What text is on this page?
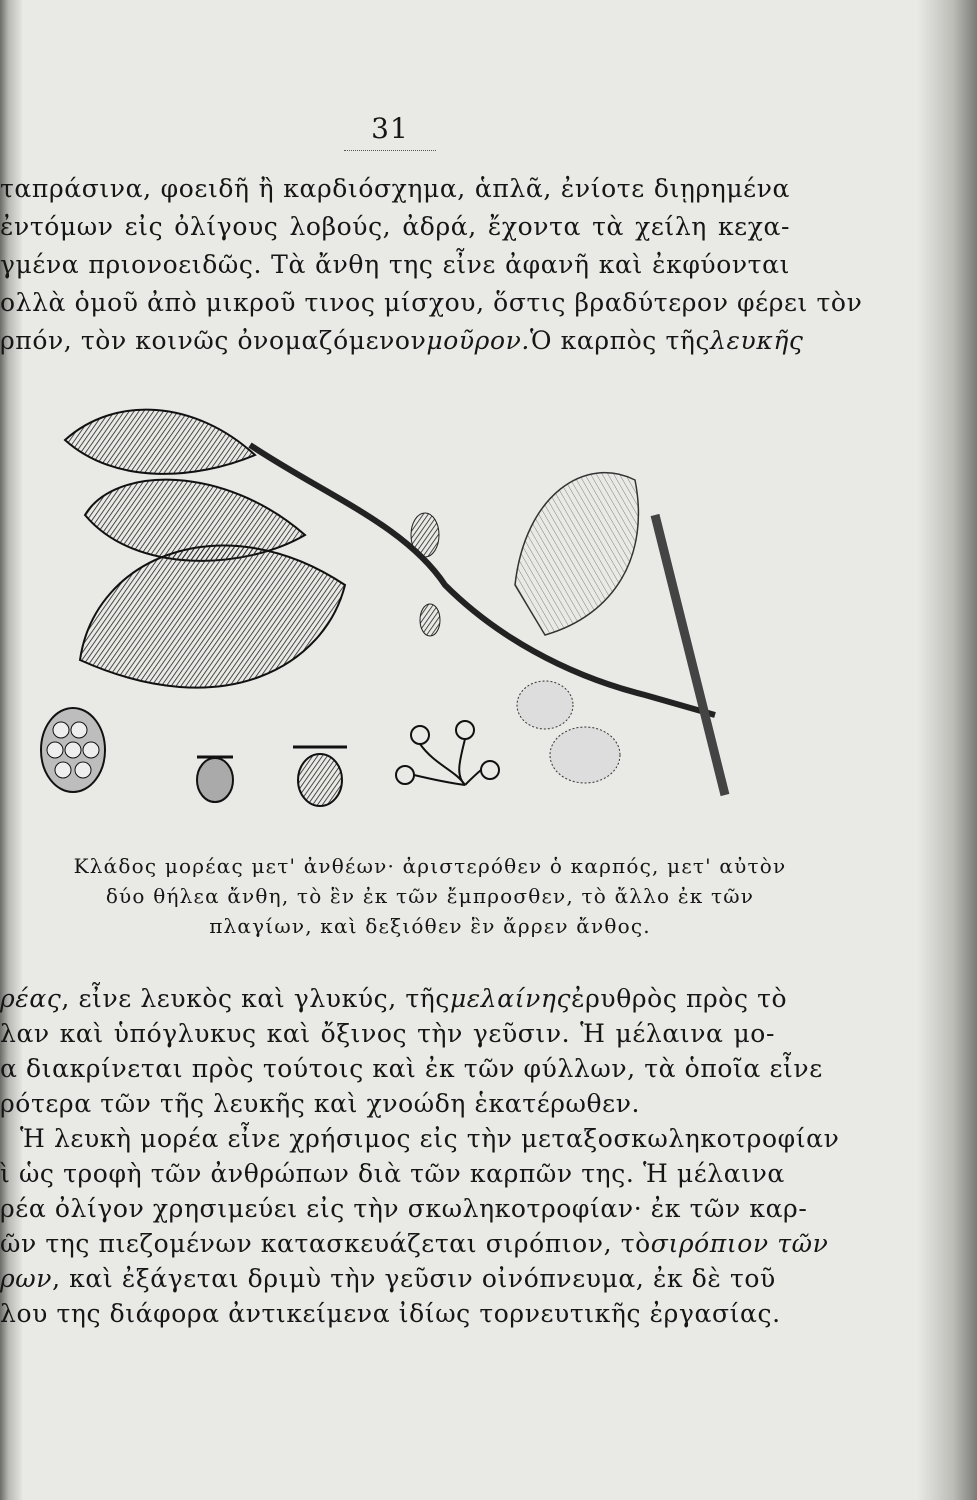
31
ταπράσινα, φοειδῆ ἢ καρδιόσχημα, ἁπλᾶ, ἐνίοτε διῃρημένα
ἐντόμων εἰς ὀλίγους λοβούς, ἀδρά, ἔχοντα τὰ χείλη κεχα-
γμένα πριονοειδῶς. Τὰ ἄνθη της εἶνε ἀφανῆ καὶ ἐκφύονται
ολλὰ ὁμοῦ ἀπὸ μικροῦ τινος μίσχου, ὅστις βραδύτερον φέρει τὸν
ρπόν, τὸν κοινῶς ὀνομαζόμενον μοῦρον. Ὁ καρπὸς τῆς λευκῆς
Κλάδος μορέας μετ' ἀνθέων· ἀριστερόθεν ὁ καρπός, μετ' αὐτὸν
δύο θήλεα ἄνθη, τὸ ἓν ἐκ τῶν ἔμπροσθεν, τὸ ἄλλο ἐκ τῶν
πλαγίων, καὶ δεξιόθεν ἓν ἄρρεν ἄνθος.
ρέας , εἶνε λευκὸς καὶ γλυκύς, τῆς μελαίνης ἐρυθρὸς πρὸς τὸ
λαν καὶ ὑπόγλυκυς καὶ ὄξινος τὴν γεῦσιν. Ἡ μέλαινα μο-
α διακρίνεται πρὸς τούτοις καὶ ἐκ τῶν φύλλων, τὰ ὁποῖα εἶνε
ρότερα τῶν τῆς λευκῆς καὶ χνοώδη ἑκατέρωθεν.
Ἡ λευκὴ μορέα εἶνε χρήσιμος εἰς τὴν μεταξοσκωληκοτροφίαν
ὶ ὡς τροφὴ τῶν ἀνθρώπων διὰ τῶν καρπῶν της. Ἡ μέλαινα
ρέα ὀλίγον χρησιμεύει εἰς τὴν σκωληκοτροφίαν· ἐκ τῶν καρ-
ῶν της πιεζομένων κατασκευάζεται σιρόπιον, τὸ σιρόπιον τῶν
ρων , καὶ ἐξάγεται δριμὺ τὴν γεῦσιν οἰνόπνευμα, ἐκ δὲ τοῦ
λου της διάφορα ἀντικείμενα ἰδίως τορνευτικῆς ἐργασίας.
